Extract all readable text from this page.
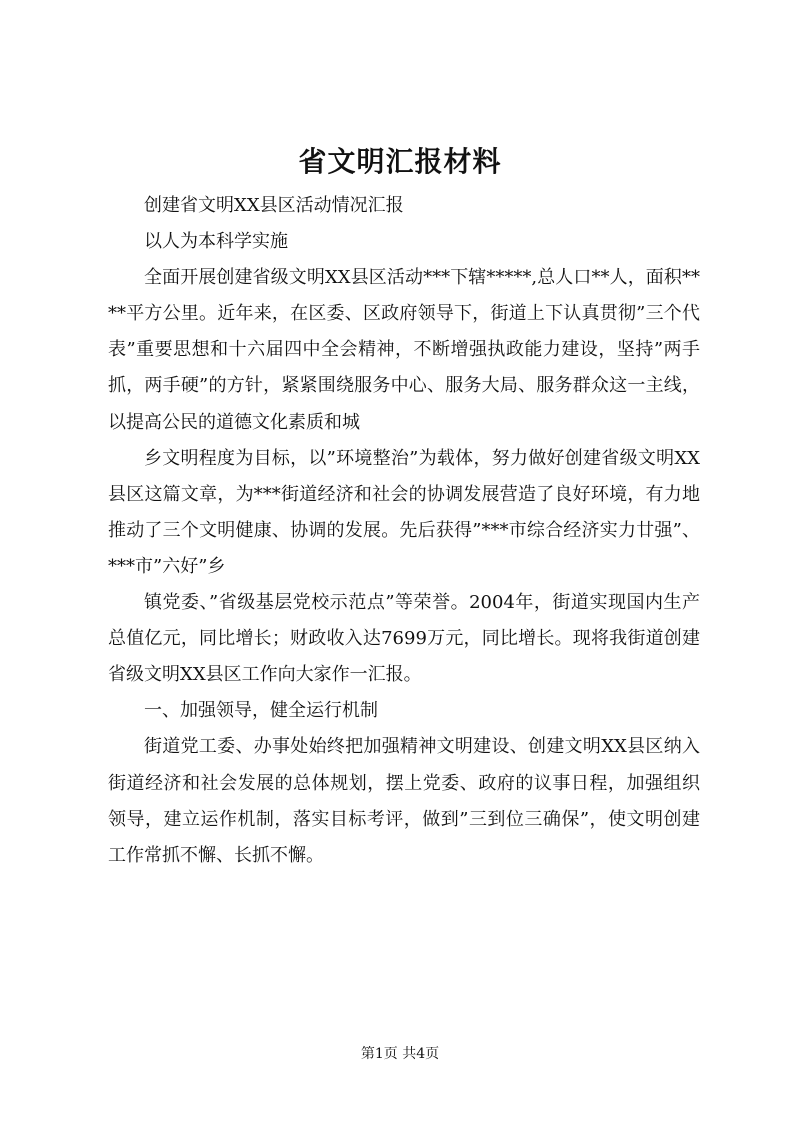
省文明汇报材料

创建省文明XX县区活动情况汇报

以人为本科学实施

全面开展创建省级文明XX县区活动***下辖*****,总人口**人，面积****平方公里。近年来，在区委、区政府领导下，街道上下认真贯彻”三个代表”重要思想和十六届四中全会精神，不断增强执政能力建设，坚持”两手抓，两手硬”的方针，紧紧围绕服务中心、服务大局、服务群众这一主线，以提高公民的道德文化素质和城

乡文明程度为目标，以”环境整治”为载体，努力做好创建省级文明XX县区这篇文章，为***街道经济和社会的协调发展营造了良好环境，有力地推动了三个文明健康、协调的发展。先后获得”***市综合经济实力廿强”、***市”六好”乡

镇党委、”省级基层党校示范点”等荣誉。2004年，街道实现国内生产总值亿元，同比增长；财政收入达7699万元，同比增长。现将我街道创建省级文明XX县区工作向大家作一汇报。

一、加强领导，健全运行机制

街道党工委、办事处始终把加强精神文明建设、创建文明XX县区纳入街道经济和社会发展的总体规划，摆上党委、政府的议事日程，加强组织领导，建立运作机制，落实目标考评，做到”三到位三确保”，使文明创建工作常抓不懈、长抓不懈。

第1页 共4页
